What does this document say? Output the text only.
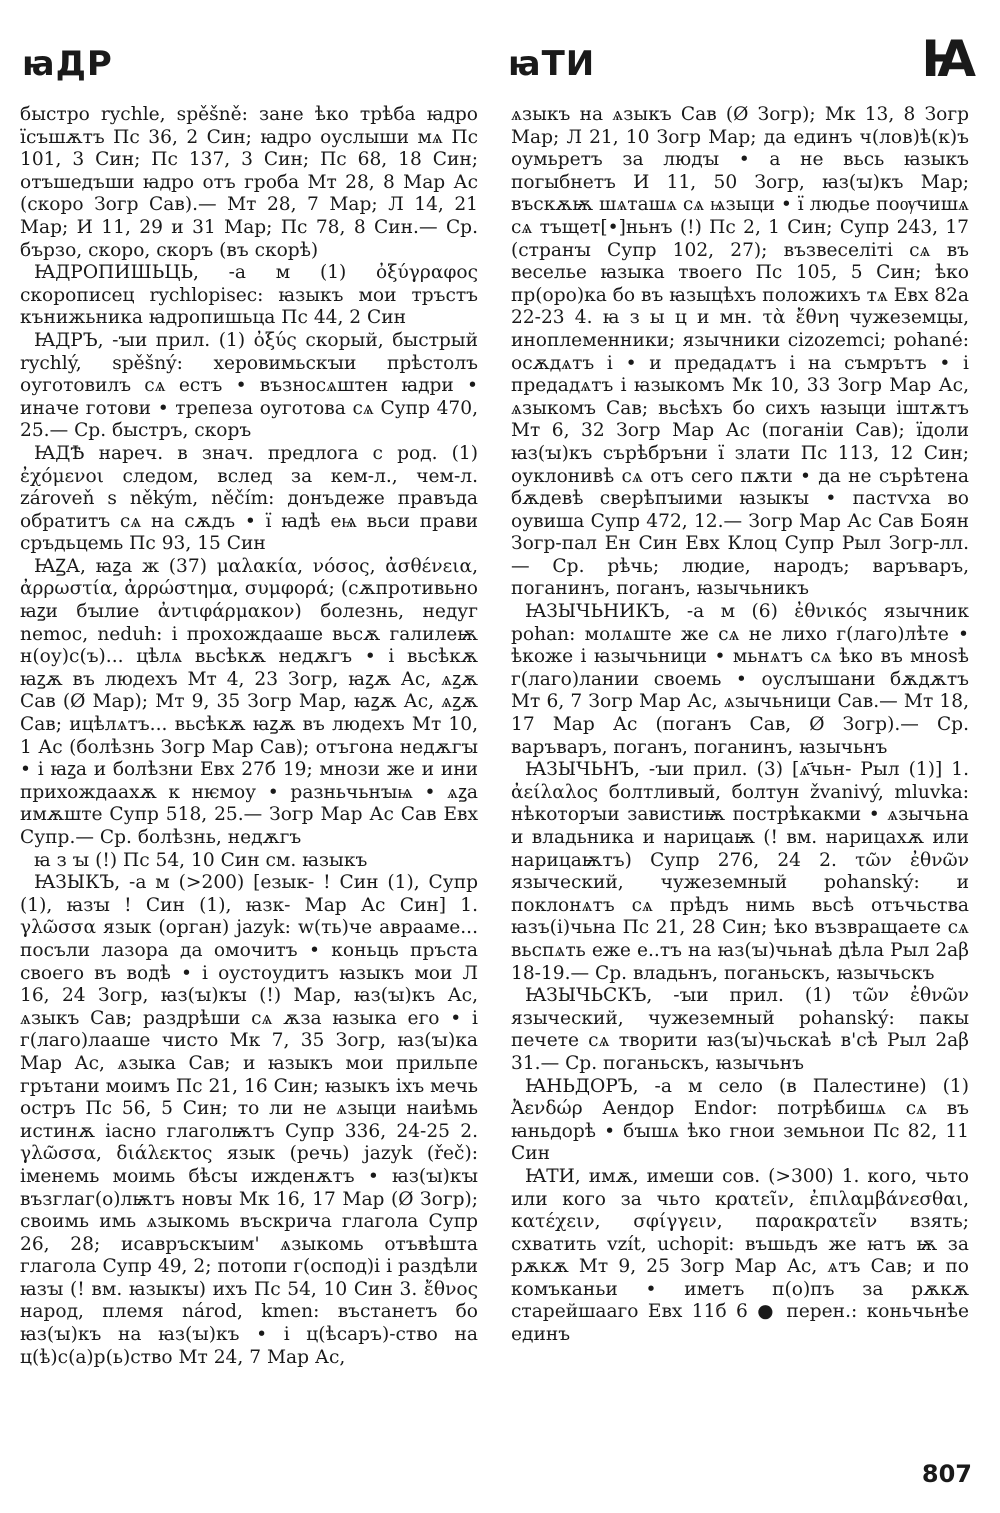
ꙗДР	ꙗТИ	Ꙗ

быстро rychle, spěšně: зане ѣко трѣба ꙗдро їсъшѫтъ Пс 36, 2 Син; ꙗдро оуслыши мѧ Пс 101, 3 Син; Пс 137, 3 Син; Пс 68, 18 Син; отъшедъши ꙗдро отъ гроба Мт 28, 8 Мар Ас (скоро Зогр Сав).— Мт 28, 7 Мар; Л 14, 21 Мар; И 11, 29 и 31 Мар; Пс 78, 8 Син.— Ср. бързо, скоро, скоръ (въ скорѣ)

ꙖДРОПИШЬЦЬ, -а м (1) ὀξύγραφος скорописец rychlopisec: ꙗзыкъ мои тръстъ кънижьника ꙗдропишьца Пс 44, 2 Син

ꙖДРЪ, -ꙑи прил. (1) ὀξύς скорый, быстрый rychlý, spěšný: херовимьскꙑи прѣстолъ оуготовилъ сѧ естъ • възносѧштен ꙗдри • иначе готови • трепеза оуготова сѧ Супр 470, 25.— Ср. быстръ, скоръ

ꙖДѢ нареч. в знач. предлога с род. (1) ἐχόμενοι следом, вслед за кем-л., чем-л. zároveň s někým, něčím: донъдеже правъда обратитъ сѧ на сѫдъ • ї ꙗдѣ еѩ вьси прави сръдьцемь Пс 93, 15 Син

ꙖꙀА, ꙗꙁа ж (37) μαλακία, νόσος, ἀσθένεια, ἀρρωστία, ἀρρώστημα, συμφορά; (сѫпротивьно ꙗꙁи бꙑлие ἀντιφάρμακον) болезнь, недуг nemoc, neduh: і прохождааше вьсѫ галилеѭ н(оу)с(ъ)... цѣлѧ вьсѣкѫ недѫгъ • і вьсѣкѫ ꙗꙁѫ въ людехъ Мт 4, 23 Зогр, ꙗꙁѫ Ас, ѧꙁѫ Сав (Ø Мар); Мт 9, 35 Зогр Мар, ꙗꙁѫ Ас, ѧꙁѫ Сав; ицѣлѧтъ... вьсѣкѫ ꙗꙁѫ въ людехъ Мт 10, 1 Ас (болѣзнь Зогр Мар Сав); отъгона недѫгꙑ • і ꙗꙁа и болѣзни Евх 27б 19; мнози же и ини прихождаахѫ к нѥмоу • разньчьнꙑѩ • ѧꙁа имѫште Супр 518, 25.— Зогр Мар Ас Сав Евх Супр.— Ср. болѣзнь, недѫгъ

ꙗ з ꙑ (!) Пс 54, 10 Син см. ꙗзыкъ

ꙖЗЫКЪ, -а м (>200) [езык- ! Син (1), Супр (1), ꙗзꙑ ! Син (1), ꙗзк- Мар Ас Син] 1. γλῶσσα язык (орган) jazyk: w(ть)че авраамe... посъли лазора да омочитъ • коньць пръста своего въ водѣ • і оустоудитъ ꙗзыкъ мои Л 16, 24 Зогр, ꙗз(ꙑ)кꙑ (!) Мар, ꙗз(ꙑ)къ Ас, ѧзыкъ Сав; раздрѣши сѧ ѫза ꙗзыка его • і г(лаго)лааше чисто Мк 7, 35 Зогр, ꙗз(ꙑ)ка Мар Ас, ѧзыка Сав; и ꙗзыкъ мои прильпе грътани моимъ Пс 21, 16 Син; ꙗзыкъ іхъ мечь остръ Пс 56, 5 Син; то ли не ѧзыци наиѣмь истинѫ іасно глаголѭтъ Супр 336, 24-25 2. γλῶσσα, διάλεκτος язык (речь) jazyk (řeč): іменемь моимь бѣсꙑ ижденѫтъ • ꙗз(ꙑ)кꙑ възглаг(о)лѭтъ новꙑ Мк 16, 17 Мар (Ø Зогр); своимь имь ѧзыкомь въскрича глагола Супр 26, 28; исавръскꙑим' ѧзыкомь отъвѣшта глагола Супр 49, 2; потопи г(оспод)і і раздѣли ꙗзꙑ (! вм. ꙗзыкꙑ) ихъ Пс 54, 10 Син 3. ἔθνος народ, племя národ, kmen: въстанетъ бо ꙗз(ꙑ)къ на ꙗз(ꙑ)къ • і ц(ѣсаръ)-ство на ц(ѣ)с(а)р(ь)ство Мт 24, 7 Мар Ас,

ѧзыкъ на ѧзыкъ Сав (Ø Зогр); Мк 13, 8 Зогр Мар; Л 21, 10 Зогр Мар; да единъ ч(лов)ѣ(к)ъ оумьретъ за людꙑ • а не вьсь ꙗзыкъ погыбнетъ И 11, 50 Зогр, ꙗз(ꙑ)къ Мар; въскѫѭ шѧташѧ сѧ ѩзыци • ї людье поѹчишѧ сѧ тъщет[•]ньнъ (!) Пс 2, 1 Син; Супр 243, 17 (странꙑ Супр 102, 27); възвеселіті сѧ въ веселье ꙗзыка твоего Пс 105, 5 Син; ѣко пр(оро)ка бо въ ꙗзыцѣхъ положихъ тѧ Евх 82а 22-23 4. ꙗ з ы ц и мн. τὰ ἔθνη чужеземцы, иноплеменники; язычники cizozemci; pohané: осѫдѧтъ і • и предадѧтъ і на съмрътъ • і предадѧтъ і ꙗзыкомъ Мк 10, 33 Зогр Мар Ас, ѧзыкомъ Сав; вьсѣхъ бо сихъ ꙗзыци іштѫтъ Мт 6, 32 Зогр Мар Ас (поганіи Сав); їдоли ꙗз(ꙑ)къ сърѣбръни ї злати Пс 113, 12 Син; оуклонивѣ сѧ отъ сего пѫти • да не сърѣтена бѫдевѣ сверѣпꙑими ꙗзыкꙑ • пастѵха во оувиша Супр 472, 12.— Зогр Мар Ас Сав Боян Зогр-пал Ен Син Евх Клоц Супр Рыл Зогр-лл.— Ср. рѣчь; людие, народъ; варъваръ, поганинъ, поганъ, ꙗзычьникъ

ꙖЗЫЧЬНИКЪ, -а м (6) ἐθνικός язычник pohan: молѧште же сѧ не лихо г(лаго)лѣте • ѣкоже і ꙗзычьници • мьнѧтъ сѧ ѣко въ мноѕѣ г(лаго)лании своемь • оуслꙑшани бѫдѫтъ Мт 6, 7 Зогр Мар Ас, ѧзычьници Сав.— Мт 18, 17 Мар Ас (поганъ Сав, Ø Зогр).— Ср. варъваръ, поганъ, поганинъ, ꙗзычьнъ

ꙖЗЫЧЬНЪ, -ꙑи прил. (3) [ѧ҃чьн- Рыл (1)] 1. ἀείλαλος болтливый, болтун žvanivý, mluvka: нѣкоторꙑи завистиѭ пострѣкакми • ѧзычьна и владьника и нарицаѭ (! вм. нарицахѫ или нарицаѭтъ) Супр 276, 24 2. τῶν ἐθνῶν языческий, чужеземный pohanský: и поклонѧтъ сѧ прѣдъ нимь вьсѣ отъчьства ꙗзъ(і)чьна Пс 21, 28 Син; ѣко възвращаете сѧ вьспѧть еже е..тъ на ꙗз(ꙑ)чьнаѣ дѣла Рыл 2аβ 18-19.— Ср. владьнъ, поганьскъ, ꙗзычьскъ

ꙖЗЫЧЬСКЪ, -ꙑи прил. (1) τῶν ἐθνῶν языческий, чужеземный pohanský: пакы печете сѧ творити ꙗз(ꙑ)чьскаѣ в'сѣ Рыл 2аβ 31.— Ср. поганьскъ, ꙗзычьнъ

ꙖНЬДОРЪ, -а м село (в Палестине) (1) Ἀενδώρ Аендор Endor: потрѣбишѧ сѧ въ ꙗньдорѣ • бꙑшѧ ѣко гнои земьнои Пс 82, 11 Син

ꙖТИ, имѫ, имеши сов. (>300) 1. кого, чьто или кого за чьто κρατεῖν, ἐπιλαμβάνεσθαι, κατέχειν, σφίγγειν, παρακρατεῖν взять; схватить vzít, uchopit: въшьдъ же ꙗтъ ѭ за рѫкѫ Мт 9, 25 Зогр Мар Ас, ѧтъ Сав; и по комъканьи • иметъ п(о)пъ за рѫкѫ старейшааго Евх 11б 6 ● перен.: коньчьнѣе единъ

807
